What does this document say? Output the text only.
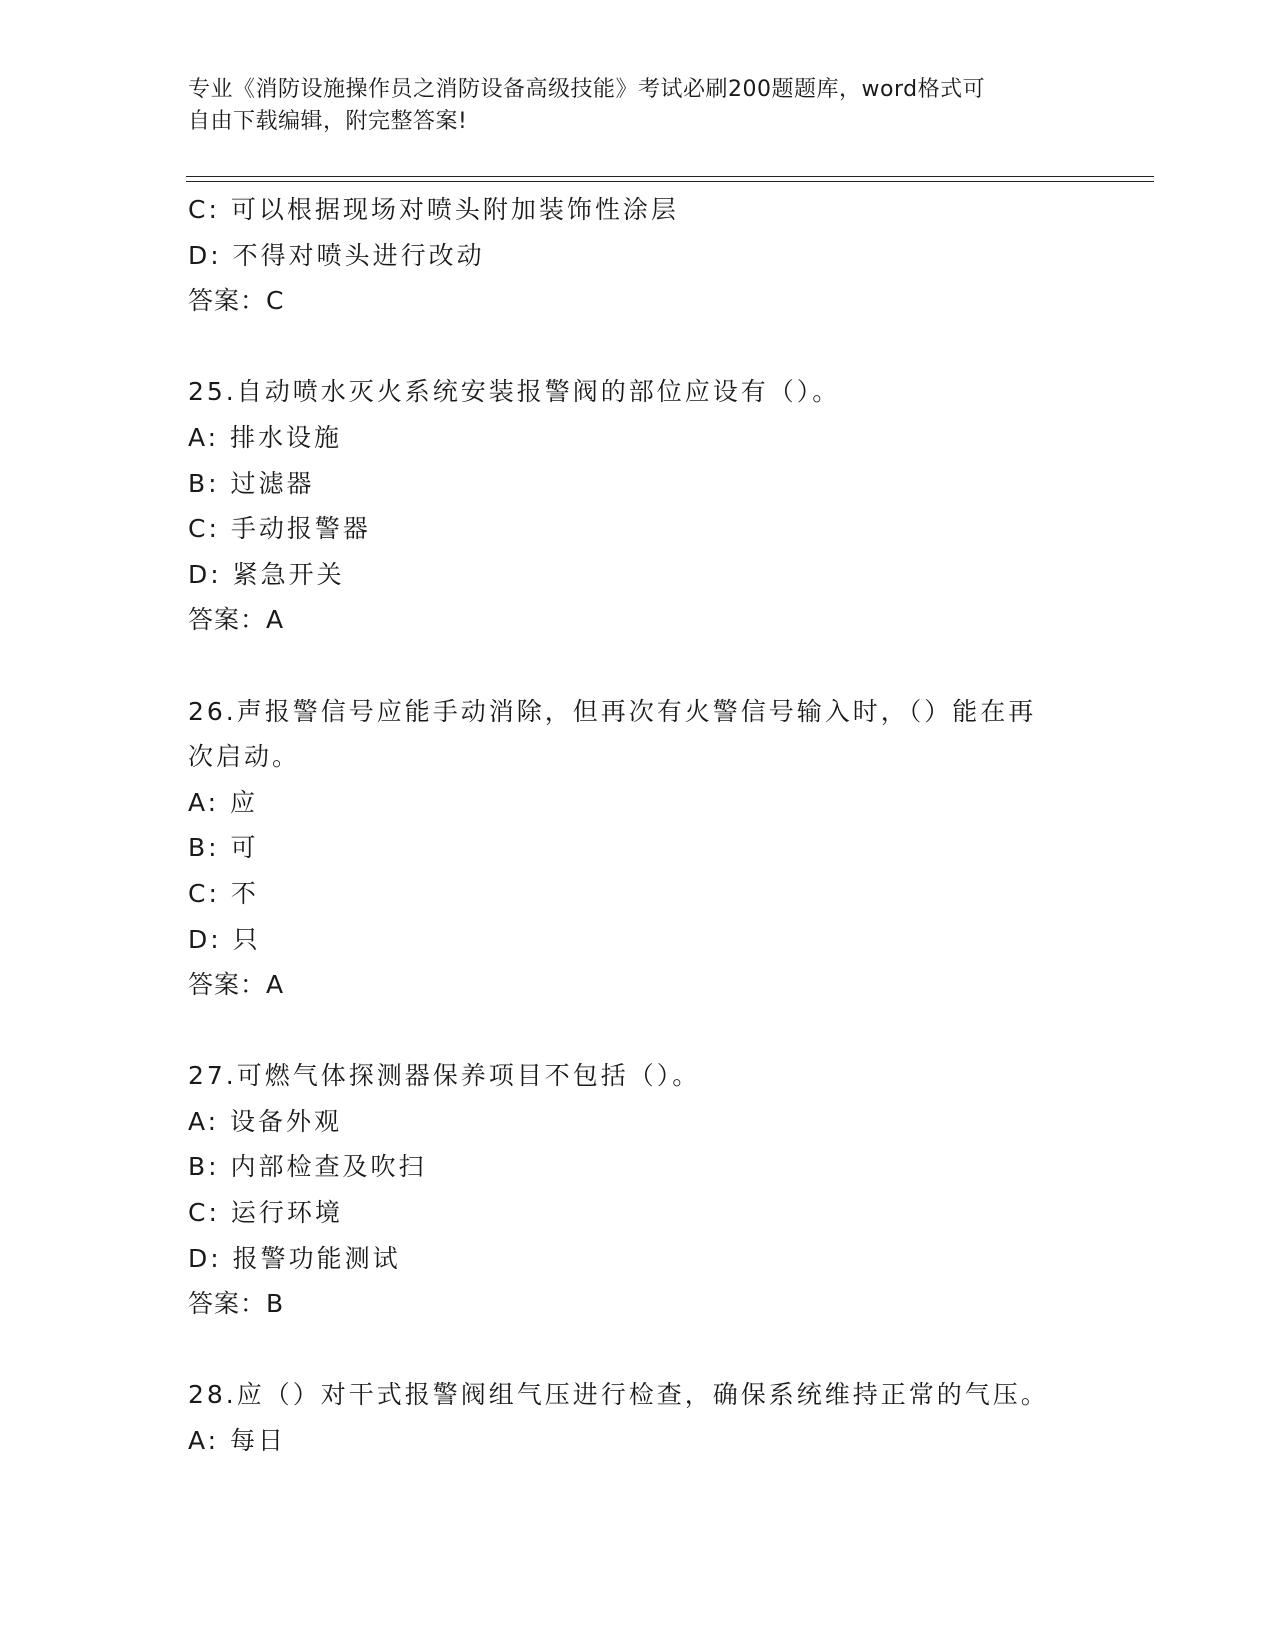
专业《消防设施操作员之消防设备高级技能》考试必刷200题题库，word格式可
自由下载编辑，附完整答案!
C: 可以根据现场对喷头附加装饰性涂层
D: 不得对喷头进行改动
答案：C
25.自动喷水灭火系统安装报警阀的部位应设有（）。
A: 排水设施
B: 过滤器
C: 手动报警器
D: 紧急开关
答案：A
26.声报警信号应能手动消除，但再次有火警信号输入时，（）能在再
次启动。
A: 应
B: 可
C: 不
D: 只
答案：A
27.可燃气体探测器保养项目不包括（）。
A: 设备外观
B: 内部检查及吹扫
C: 运行环境
D: 报警功能测试
答案：B
28.应（）对干式报警阀组气压进行检查，确保系统维持正常的气压。
A: 每日
